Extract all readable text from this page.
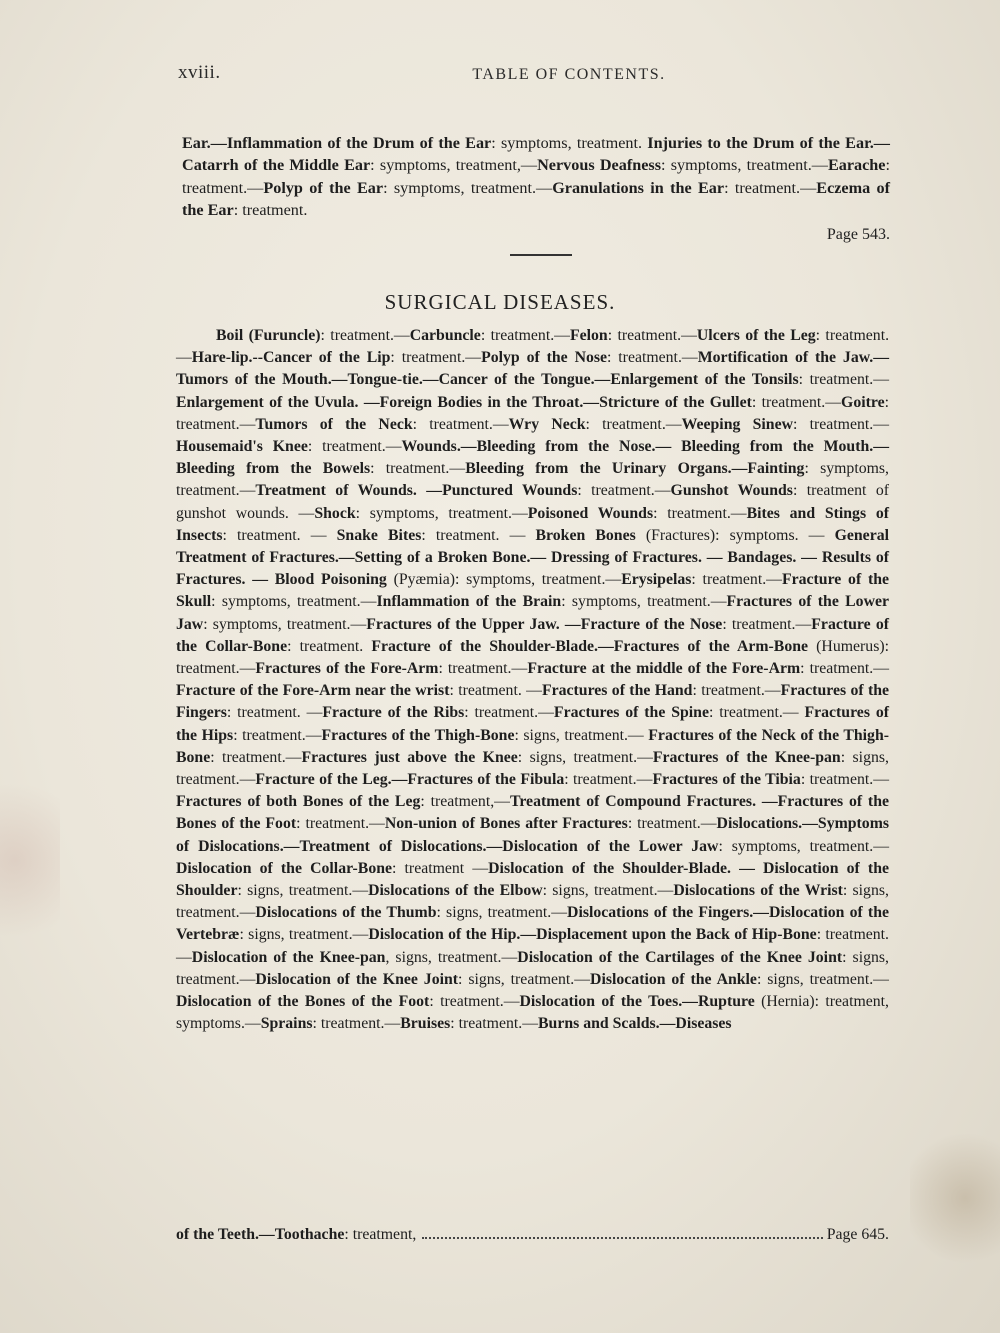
xviii.	TABLE OF CONTENTS.
Ear.—Inflammation of the Drum of the Ear: symptoms, treatment. Injuries to the Drum of the Ear.—Catarrh of the Middle Ear: symptoms, treatment,—Nervous Deafness: symptoms, treatment.—Earache: treatment.—Polyp of the Ear: symptoms, treatment.—Granulations in the Ear: treatment.—Eczema of the Ear: treatment.
Page 543.
SURGICAL DISEASES.
Boil (Furuncle): treatment.—Carbuncle: treatment.—Felon: treatment.—Ulcers of the Leg: treatment.—Hare-lip.--Cancer of the Lip: treatment.—Polyp of the Nose: treatment.—Mortification of the Jaw.—Tumors of the Mouth.—Tongue-tie.—Cancer of the Tongue.—Enlargement of the Tonsils: treatment.—Enlargement of the Uvula. —Foreign Bodies in the Throat.—Stricture of the Gullet: treatment.—Goitre: treatment.—Tumors of the Neck: treatment.—Wry Neck: treatment.—Weeping Sinew: treatment.—Housemaid's Knee: treatment.—Wounds.—Bleeding from the Nose.— Bleeding from the Mouth.—Bleeding from the Bowels: treatment.—Bleeding from the Urinary Organs.—Fainting: symptoms, treatment.—Treatment of Wounds. —Punctured Wounds: treatment.—Gunshot Wounds: treatment of gunshot wounds. —Shock: symptoms, treatment.—Poisoned Wounds: treatment.—Bites and Stings of Insects: treatment. — Snake Bites: treatment. — Broken Bones (Fractures): symptoms. — General Treatment of Fractures.—Setting of a Broken Bone.— Dressing of Fractures. — Bandages. — Results of Fractures. — Blood Poisoning (Pyæmia): symptoms, treatment.—Erysipelas: treatment.—Fracture of the Skull: symptoms, treatment.—Inflammation of the Brain: symptoms, treatment.—Fractures of the Lower Jaw: symptoms, treatment.—Fractures of the Upper Jaw. —Fracture of the Nose: treatment.—Fracture of the Collar-Bone: treatment. Fracture of the Shoulder-Blade.—Fractures of the Arm-Bone (Humerus): treatment.—Fractures of the Fore-Arm: treatment.—Fracture at the middle of the Fore-Arm: treatment.—Fracture of the Fore-Arm near the wrist: treatment. —Fractures of the Hand: treatment.—Fractures of the Fingers: treatment. —Fracture of the Ribs: treatment.—Fractures of the Spine: treatment.— Fractures of the Hips: treatment.—Fractures of the Thigh-Bone: signs, treatment.— Fractures of the Neck of the Thigh-Bone: treatment.—Fractures just above the Knee: signs, treatment.—Fractures of the Knee-pan: signs, treatment.—Fracture of the Leg.—Fractures of the Fibula: treatment.—Fractures of the Tibia: treatment.— Fractures of both Bones of the Leg: treatment,—Treatment of Compound Fractures. —Fractures of the Bones of the Foot: treatment.—Non-union of Bones after Fractures: treatment.—Dislocations.—Symptoms of Dislocations.—Treatment of Dislocations.—Dislocation of the Lower Jaw: symptoms, treatment.—Dislocation of the Collar-Bone: treatment —Dislocation of the Shoulder-Blade. — Dislocation of the Shoulder: signs, treatment.—Dislocations of the Elbow: signs, treatment.—Dislocations of the Wrist: signs, treatment.—Dislocations of the Thumb: signs, treatment.—Dislocations of the Fingers.—Dislocation of the Vertebræ: signs, treatment.—Dislocation of the Hip.—Displacement upon the Back of Hip-Bone: treatment.—Dislocation of the Knee-pan, signs, treatment.—Dislocation of the Cartilages of the Knee Joint: signs, treatment.—Dislocation of the Knee Joint: signs, treatment.—Dislocation of the Ankle: signs, treatment.—Dislocation of the Bones of the Foot: treatment.—Dislocation of the Toes.—Rupture (Hernia): treatment, symptoms.—Sprains: treatment.—Bruises: treatment.—Burns and Scalds.—Diseases
of the Teeth.—Toothache : treatment,	Page 645.
